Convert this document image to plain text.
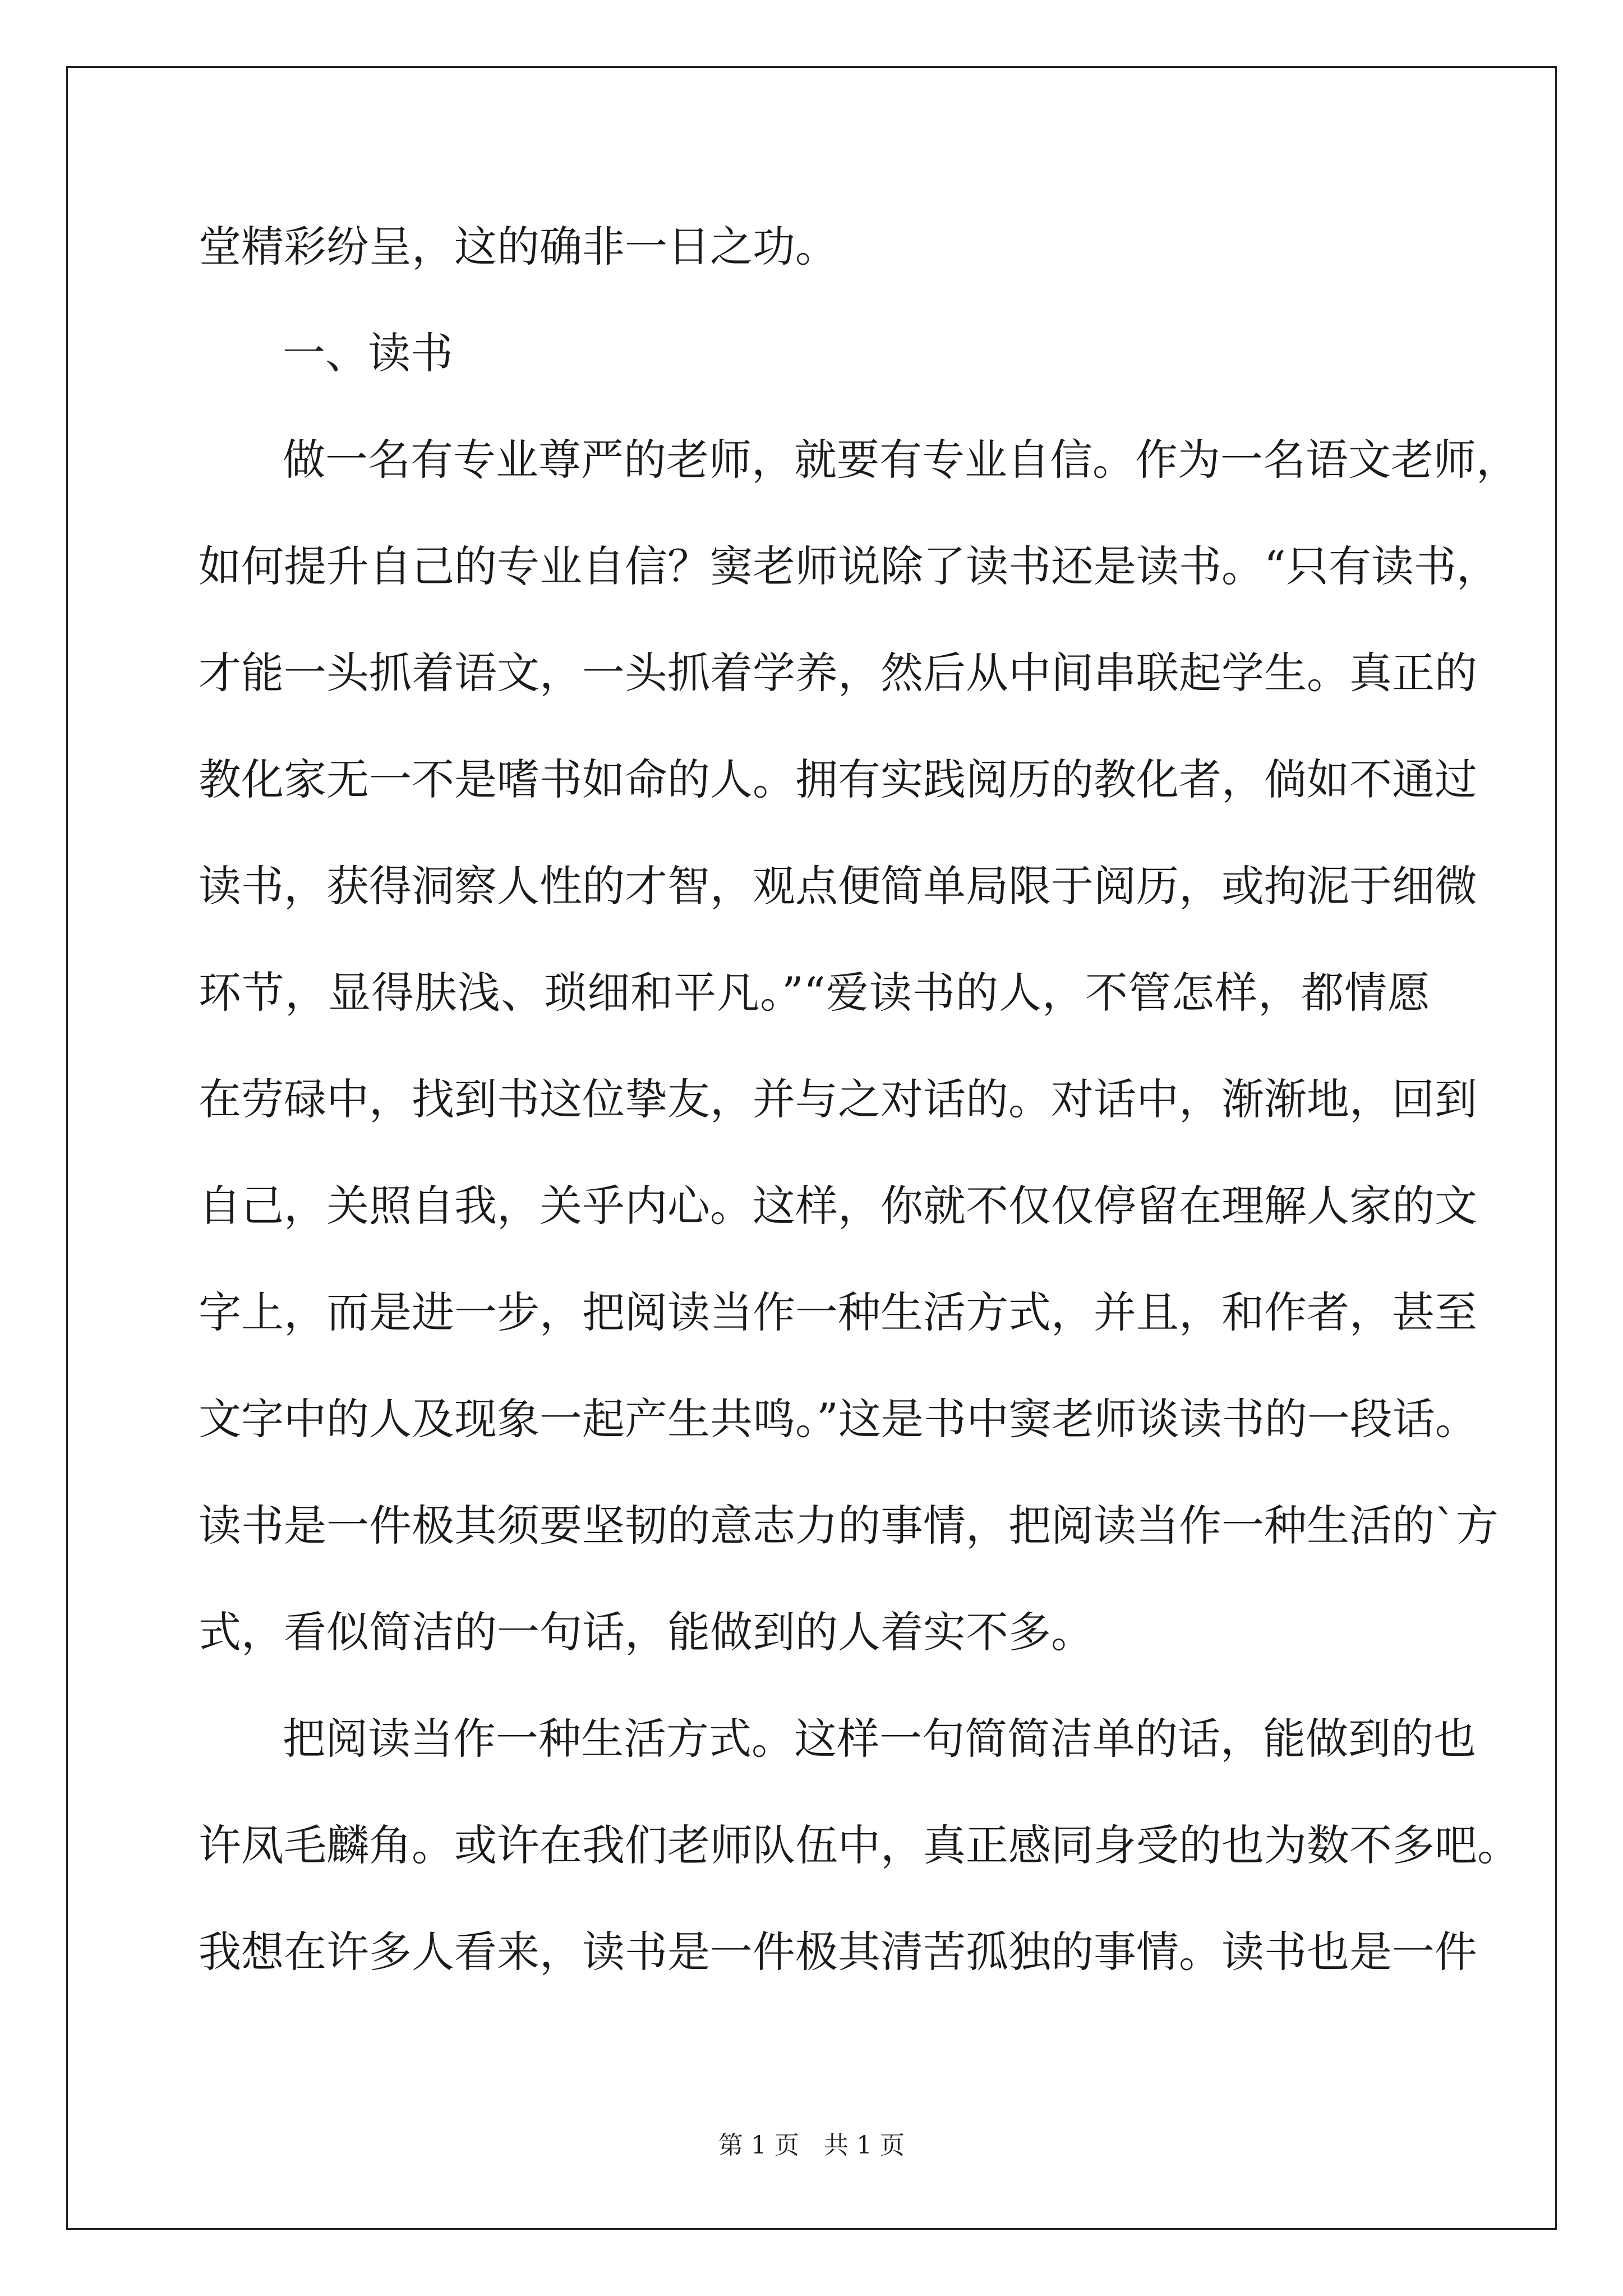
堂精彩纷呈，这的确非一日之功。
一、读书
做一名有专业尊严的老师，就要有专业自信。作为一名语文老师，
如何提升自己的专业自信？窦老师说除了读书还是读书。“只有读书，
才能一头抓着语文，一头抓着学养，然后从中间串联起学生。真正的
教化家无一不是嗜书如命的人。拥有实践阅历的教化者，倘如不通过
读书，获得洞察人性的才智，观点便简单局限于阅历，或拘泥于细微
环节，显得肤浅、琐细和平凡。”“爱读书的人，不管怎样，都情愿
在劳碌中，找到书这位挚友，并与之对话的。对话中，渐渐地，回到
自己，关照自我，关乎内心。这样，你就不仅仅停留在理解人家的文
字上，而是进一步，把阅读当作一种生活方式，并且，和作者，甚至
文字中的人及现象一起产生共鸣。”这是书中窦老师谈读书的一段话。
读书是一件极其须要坚韧的意志力的事情，把阅读当作一种生活的`方
式，看似简洁的一句话，能做到的人着实不多。
把阅读当作一种生活方式。这样一句简简洁单的话，能做到的也
许凤毛麟角。或许在我们老师队伍中，真正感同身受的也为数不多吧。
我想在许多人看来，读书是一件极其清苦孤独的事情。读书也是一件
第 1 页　共 1 页
